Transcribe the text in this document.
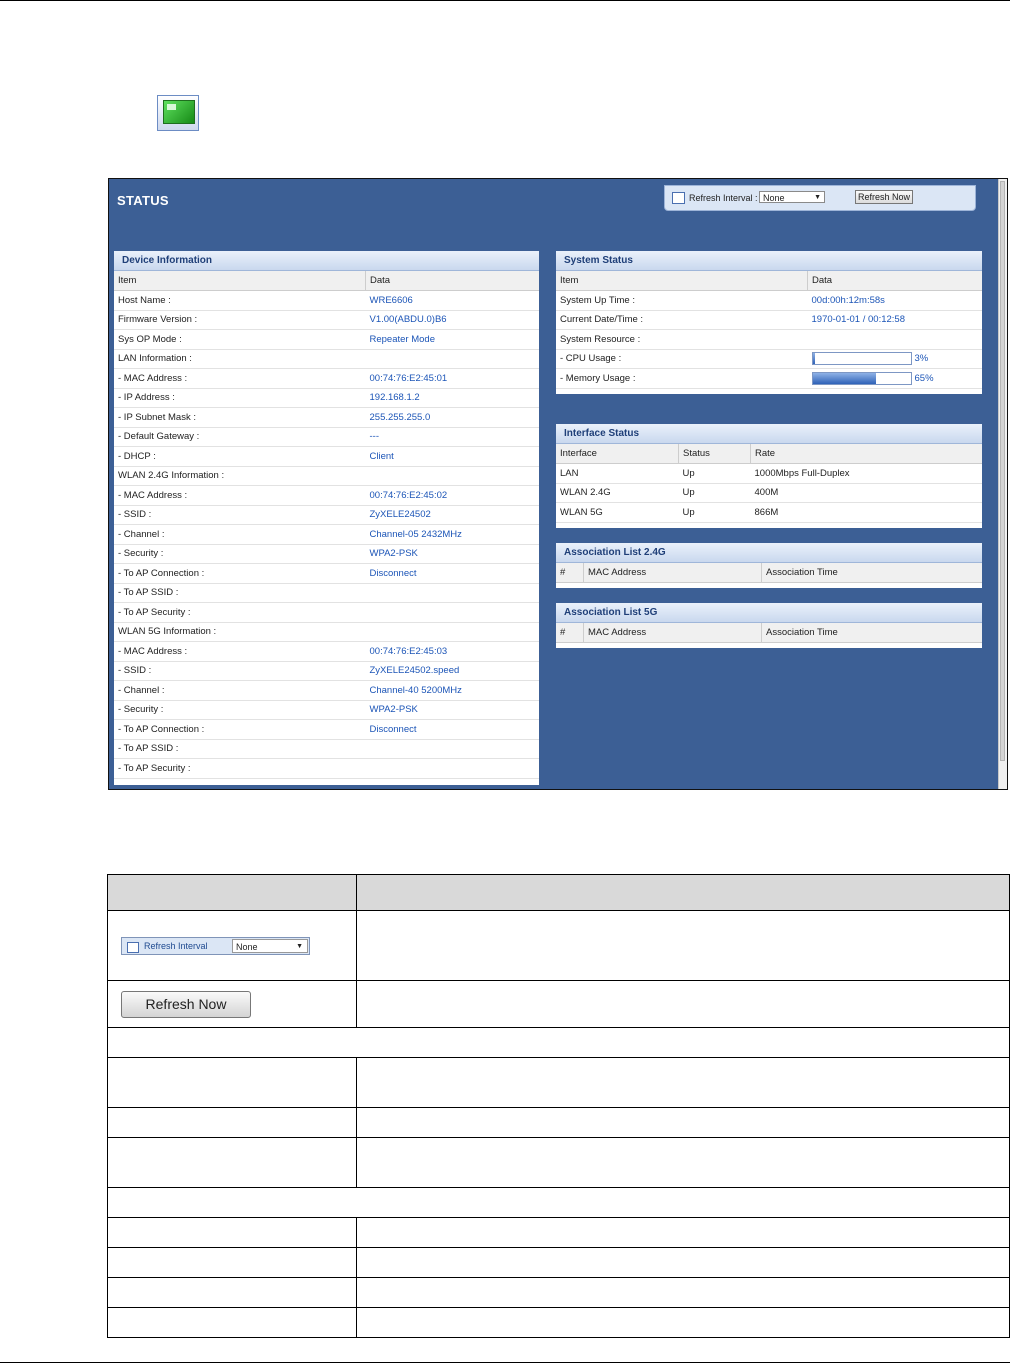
STATUS	Refresh Interval : None	▼	Refresh Now
Device Information
Item	Data
Host Name :	WRE6606
Firmware Version :	V1.00(ABDU.0)B6
Sys OP Mode :	Repeater Mode
LAN Information :	
- MAC Address :	00:74:76:E2:45:01
- IP Address :	192.168.1.2
- IP Subnet Mask :	255.255.255.0
- Default Gateway :	---
- DHCP :	Client
WLAN 2.4G Information :	
- MAC Address :	00:74:76:E2:45:02
- SSID :	ZyXELE24502
- Channel :	Channel-05 2432MHz
- Security :	WPA2-PSK
- To AP Connection :	Disconnect
- To AP SSID :	
- To AP Security :	
WLAN 5G Information :	
- MAC Address :	00:74:76:E2:45:03
- SSID :	ZyXELE24502.speed
- Channel :	Channel-40 5200MHz
- Security :	WPA2-PSK
- To AP Connection :	Disconnect
- To AP SSID :	
- To AP Security :	
System Status
Item	Data
System Up Time :	00d:00h:12m:58s
Current Date/Time :	1970-01-01 / 00:12:58
System Resource :	
- CPU Usage :	3%
- Memory Usage :	65%
Interface Status
Interface	Status	Rate
LAN	Up	1000Mbps Full-Duplex
WLAN 2.4G	Up	400M
WLAN 5G	Up	866M
Association List 2.4G
#	MAC Address	Association Time
Association List 5G
#	MAC Address	Association Time

Refresh Interval None ▼	

Refresh Now	
